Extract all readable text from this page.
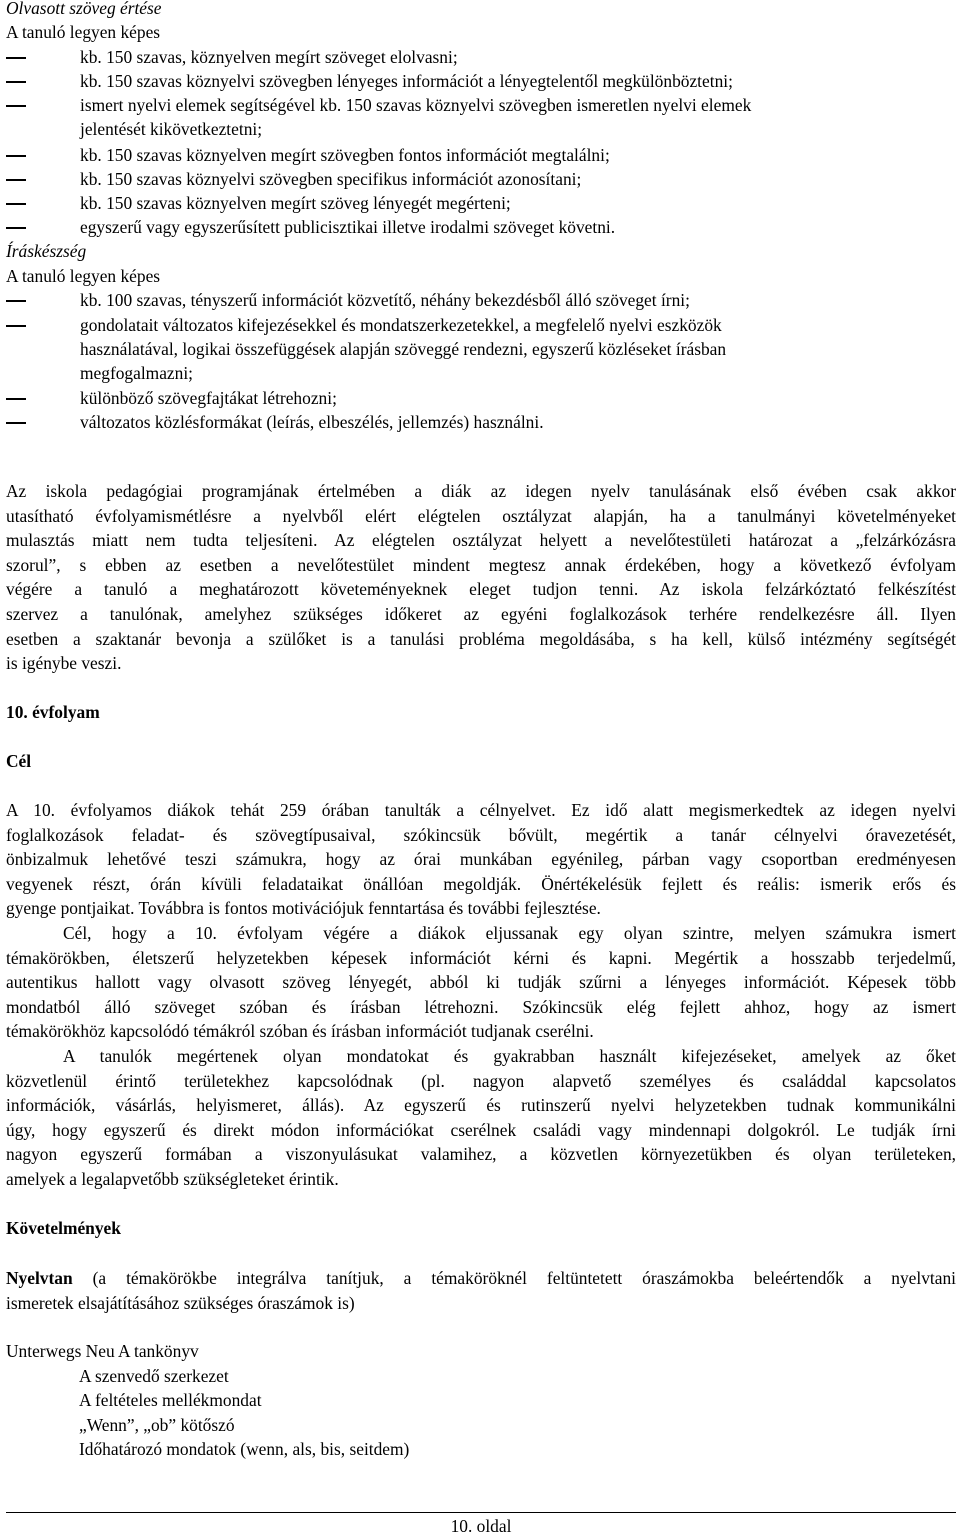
Olvasott szöveg értése
A tanuló legyen képes
kb. 150 szavas, köznyelven megírt szöveget elolvasni;
kb. 150 szavas köznyelvi szövegben lényeges információt a lényegtelentől megkülönböztetni;
ismert nyelvi elemek segítségével kb. 150 szavas köznyelvi szövegben ismeretlen nyelvi elemek
jelentését kikövetkeztetni;
kb. 150 szavas köznyelven megírt szövegben fontos információt megtalálni;
kb. 150 szavas köznyelvi szövegben specifikus információt azonosítani;
kb. 150 szavas köznyelven megírt szöveg lényegét megérteni;
egyszerű vagy egyszerűsített publicisztikai illetve irodalmi szöveget követni.
Íráskészség
A tanuló legyen képes
kb. 100 szavas, tényszerű információt közvetítő, néhány bekezdésből álló szöveget írni;
gondolatait változatos kifejezésekkel és mondatszerkezetekkel, a megfelelő nyelvi eszközök
használatával, logikai összefüggések alapján szöveggé rendezni, egyszerű közléseket írásban
megfogalmazni;
különböző szövegfajtákat létrehozni;
változatos közlésformákat (leírás, elbeszélés, jellemzés) használni.
Az iskola pedagógiai programjának értelmében a diák az idegen nyelv tanulásának első évében csak akkor
utasítható évfolyamismétlésre a nyelvből elért elégtelen osztályzat alapján, ha a tanulmányi követelményeket
mulasztás miatt nem tudta teljesíteni. Az elégtelen osztályzat helyett a nevelőtestületi határozat a „felzárkózásra
szorul”, s ebben az esetben a nevelőtestület mindent megtesz annak érdekében, hogy a következő évfolyam
végére a tanuló a meghatározott követeményeknek eleget tudjon tenni. Az iskola felzárkóztató felkészítést
szervez a tanulónak, amelyhez szükséges időkeret az egyéni foglalkozások terhére rendelkezésre áll. Ilyen
esetben a szaktanár bevonja a szülőket is a tanulási probléma megoldásába, s ha kell, külső intézmény segítségét
is igénybe veszi.
10. évfolyam
Cél
A 10. évfolyamos diákok tehát 259 órában tanulták a célnyelvet. Ez idő alatt megismerkedtek az idegen nyelvi
foglalkozások feladat- és szövegtípusaival, szókincsük bővült, megértik a tanár célnyelvi óravezetését,
önbizalmuk lehetővé teszi számukra, hogy az órai munkában egyénileg, párban vagy csoportban eredményesen
vegyenek részt, órán kívüli feladataikat önállóan megoldják. Önértékelésük fejlett és reális: ismerik erős és
gyenge pontjaikat. Továbbra is fontos motivációjuk fenntartása és további fejlesztése.
Cél, hogy a 10. évfolyam végére a diákok eljussanak egy olyan szintre, melyen számukra ismert
témakörökben, életszerű helyzetekben képesek információt kérni és kapni. Megértik a hosszabb terjedelmű,
autentikus hallott vagy olvasott szöveg lényegét, abból ki tudják szűrni a lényeges információt. Képesek több
mondatból álló szöveget szóban és írásban létrehozni. Szókincsük elég fejlett ahhoz, hogy az ismert
témakörökhöz kapcsolódó témákról szóban és írásban információt tudjanak cserélni.
A tanulók megértenek olyan mondatokat és gyakrabban használt kifejezéseket, amelyek az őket
közvetlenül érintő területekhez kapcsolódnak (pl. nagyon alapvető személyes és családdal kapcsolatos
információk, vásárlás, helyismeret, állás). Az egyszerű és rutinszerű nyelvi helyzetekben tudnak kommunikálni
úgy, hogy egyszerű és direkt módon információkat cserélnek családi vagy mindennapi dolgokról. Le tudják írni
nagyon egyszerű formában a viszonyulásukat valamihez, a közvetlen környezetükben és olyan területeken,
amelyek a legalapvetőbb szükségleteket érintik.
Követelmények
Nyelvtan (a témakörökbe integrálva tanítjuk, a témaköröknél feltüntetett óraszámokba beleértendők a nyelvtani
ismeretek elsajátításához szükséges óraszámok is)
Unterwegs Neu A tankönyv
A szenvedő szerkezet
A feltételes mellékmondat
„Wenn”, „ob” kötőszó
Időhatározó mondatok (wenn, als, bis, seitdem)
10. oldal
